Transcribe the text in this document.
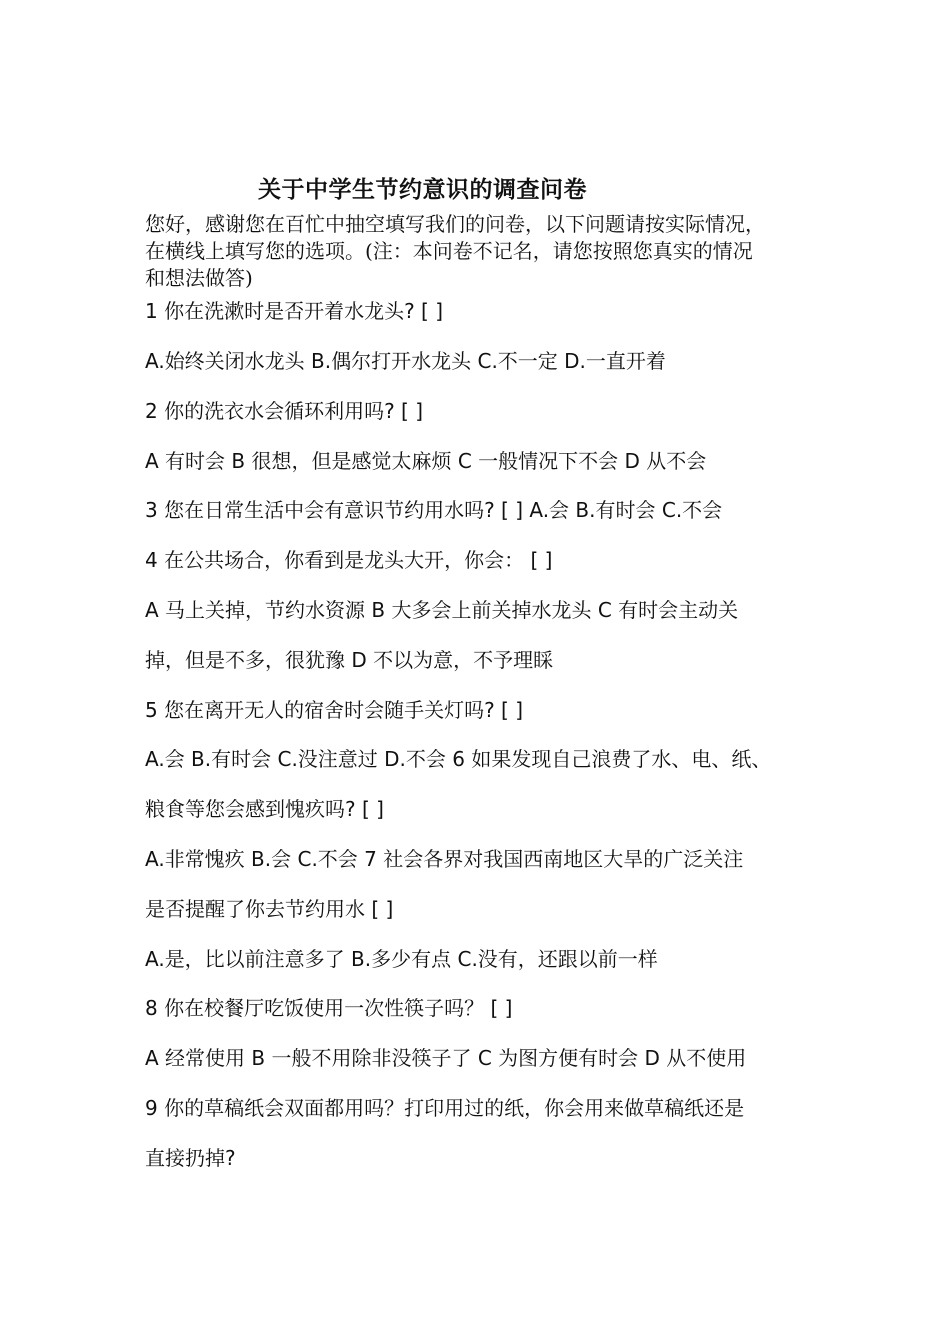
关于中学生节约意识的调查问卷
您好，感谢您在百忙中抽空填写我们的问卷，以下问题请按实际情况，
在横线上填写您的选项。(注：本问卷不记名，请您按照您真实的情况
和想法做答)
1 你在洗漱时是否开着水龙头? [ ]
A.始终关闭水龙头 B.偶尔打开水龙头 C.不一定 D.一直开着
2 你的洗衣水会循环利用吗? [ ]
A 有时会 B 很想，但是感觉太麻烦 C 一般情况下不会 D 从不会
3 您在日常生活中会有意识节约用水吗? [ ] A.会 B.有时会 C.不会
4 在公共场合，你看到是龙头大开，你会： [ ]
A 马上关掉，节约水资源 B 大多会上前关掉水龙头 C 有时会主动关
掉，但是不多，很犹豫 D 不以为意，不予理睬
5 您在离开无人的宿舍时会随手关灯吗? [ ]
A.会 B.有时会 C.没注意过 D.不会 6 如果发现自己浪费了水、电、纸、
粮食等您会感到愧疚吗? [ ]
A.非常愧疚 B.会 C.不会 7 社会各界对我国西南地区大旱的广泛关注
是否提醒了你去节约用水 [ ]
A.是，比以前注意多了 B.多少有点 C.没有，还跟以前一样
8 你在校餐厅吃饭使用一次性筷子吗？ [ ]
A 经常使用 B 一般不用除非没筷子了 C 为图方便有时会 D 从不使用
9 你的草稿纸会双面都用吗？打印用过的纸，你会用来做草稿纸还是
直接扔掉?
